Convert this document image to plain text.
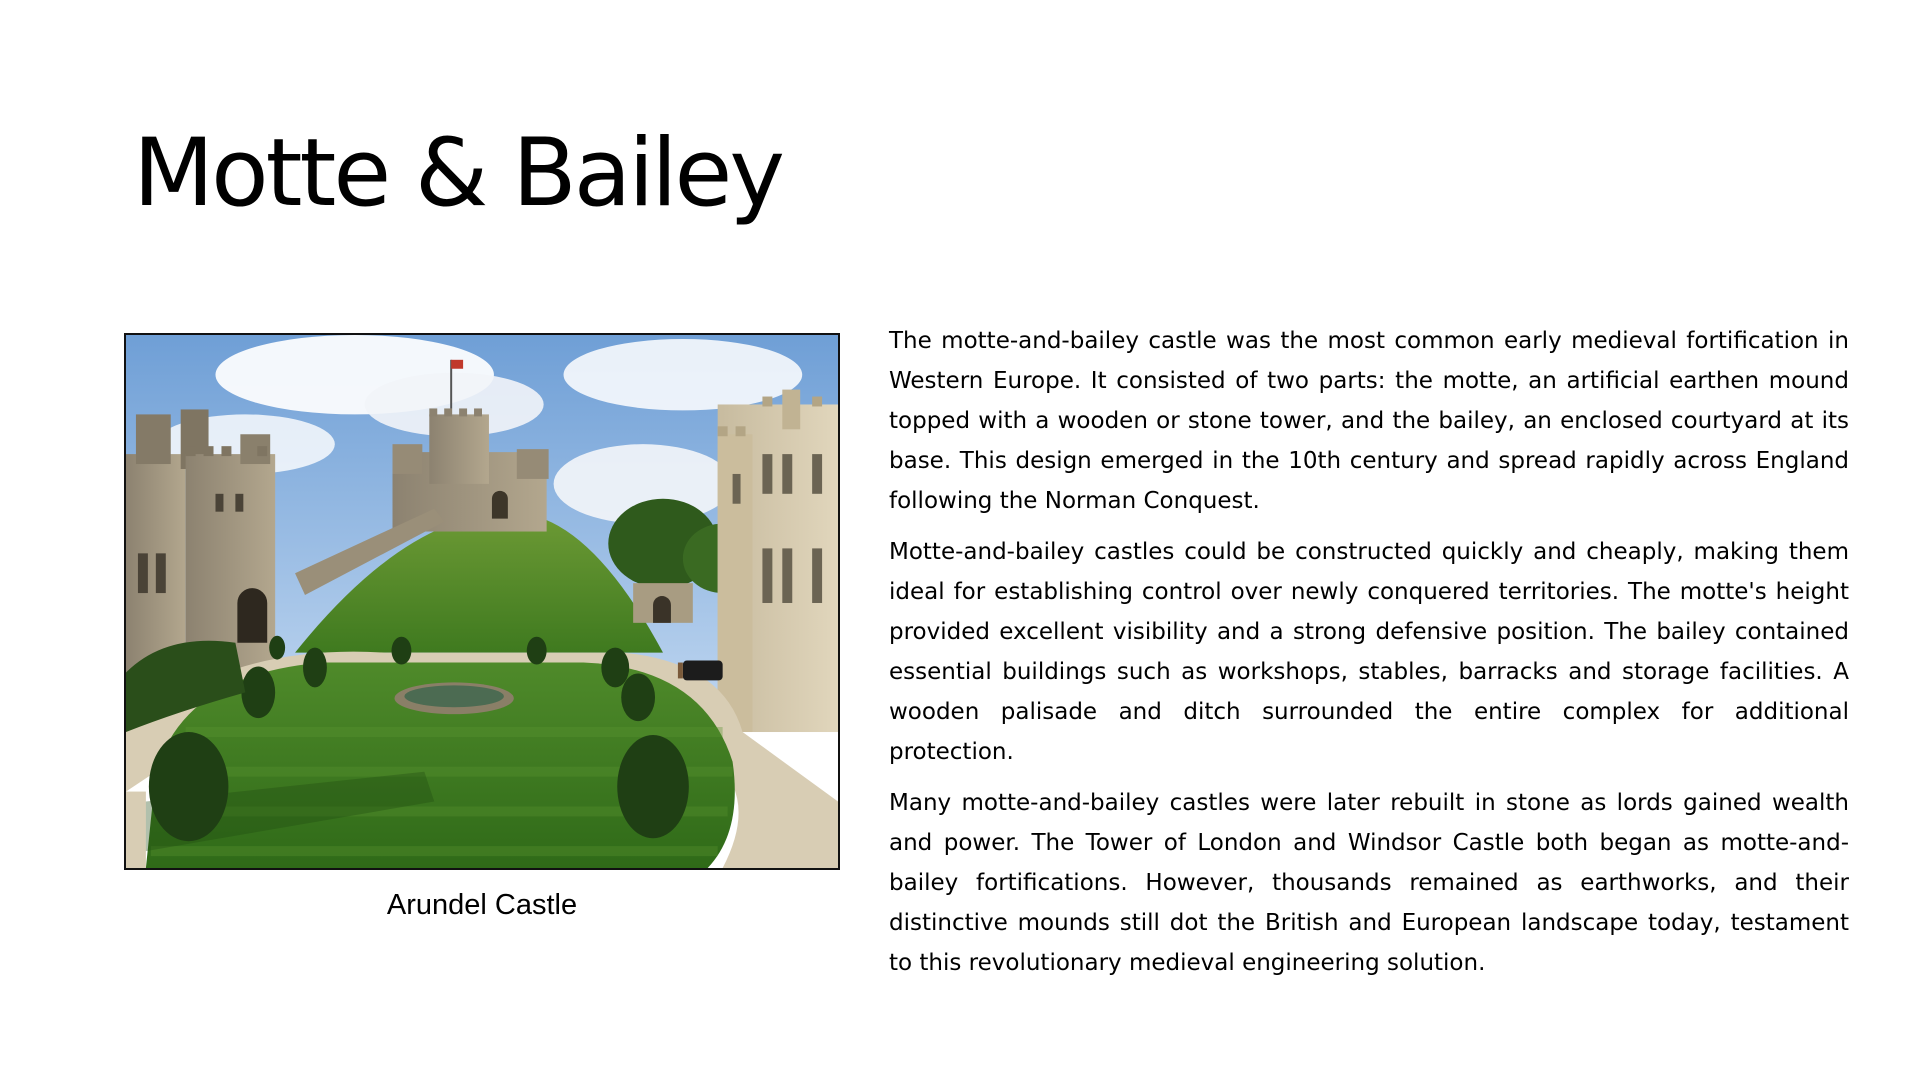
Motte & Bailey
Arundel Castle

The motte-and-bailey castle was the most common early medieval fortification in Western Europe. It consisted of two parts: the motte, an artificial earthen mound topped with a wooden or stone tower, and the bailey, an enclosed courtyard at its base. This design emerged in the 10th century and spread rapidly across England following the Norman Conquest.

Motte-and-bailey castles could be constructed quickly and cheaply, making them ideal for establishing control over newly conquered territories. The motte's height provided excellent visibility and a strong defensive position. The bailey contained essential buildings such as workshops, stables, barracks and storage facilities. A wooden palisade and ditch surrounded the entire complex for additional protection.

Many motte-and-bailey castles were later rebuilt in stone as lords gained wealth and power. The Tower of London and Windsor Castle both began as motte-and-bailey fortifications. However, thousands remained as earthworks, and their distinctive mounds still dot the British and European landscape today, testament to this revolutionary medieval engineering solution.
